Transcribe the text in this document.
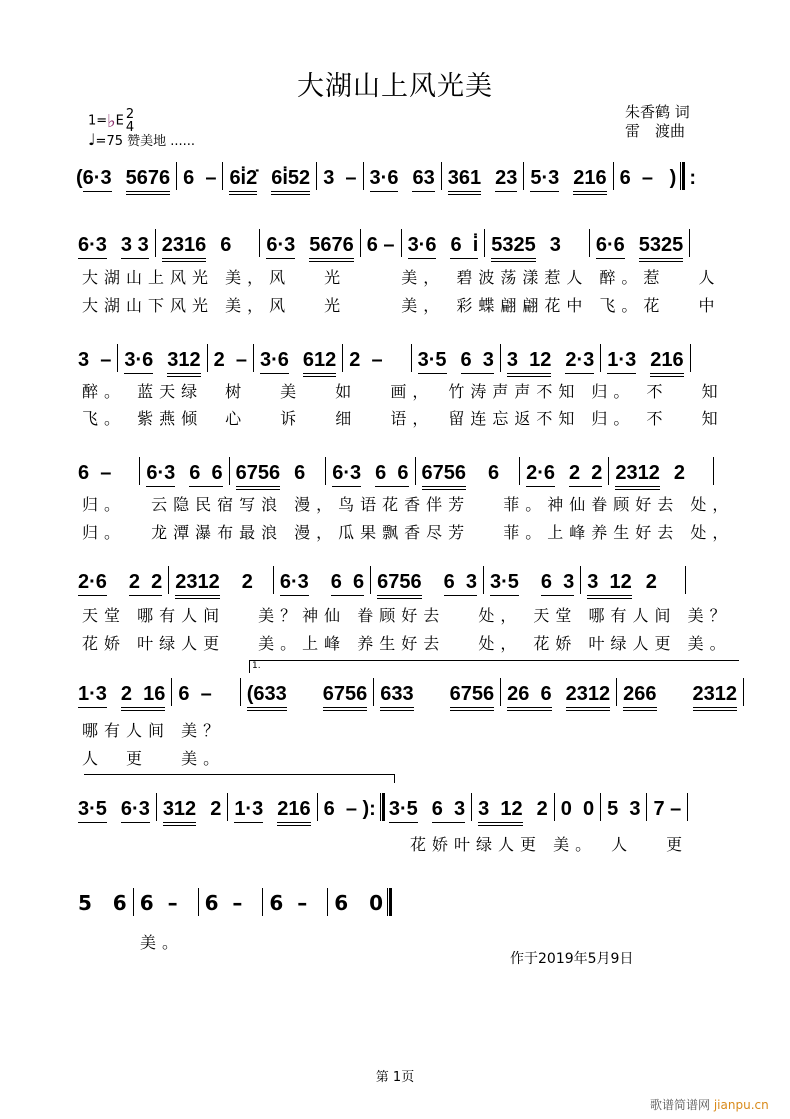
大湖山上风光美
1=♭E 2
4
♩=75 赞美地 ......
朱香鹤 词
雷　渡曲
(6·3 5676 6  – 6i̇2̇ 6i̇52 3  – 3·6 63 361 23 5·3 216 6  –   ) :
6·3 3 3 2316 6 6·3 5676 6 – 3·6 6  i̇ 5325 3 6·6 5325
大湖山上风光 美，风　 光　　 美， 碧波荡漾惹人 醉。惹　 人
大湖山下风光 美，风　 光　　 美， 彩蝶翩翩花中 飞。花　 中
3  – 3·6 312 2  – 3·6 612 2  – 3·5 6  3 3  12 2·3 1·3 216
醉。 蓝天绿　树　 美　 如　 画，　竹涛声声不知 归。 不　 知
飞。 紫燕倾　心　 诉　 细　 语，　留连忘返不知 归。 不　 知
6  – 6·3 6  6 6756 6 6·3 6  6 6756 6 2·6 2  2 2312 2
归。　 云隐民宿写浪 漫，鸟语花香伴芳　 菲。神仙眷顾好去 处，
归。　 龙潭瀑布最浪 漫，瓜果飘香尽芳　 菲。上峰养生好去 处，
2·6 2  2 2312 2 6·3 6  6 6756 6  3 3·5 6  3 3  12 2
天堂 哪有人间　 美？神仙 眷顾好去　 处， 天堂 哪有人间 美？
花娇 叶绿人更　 美。上峰 养生好去　 处， 花娇 叶绿人更 美。
1.
1·3 2  16 6  – (633 6756 633 6756 26  6 2312 266 2312
哪有人间 美？
人　更　 美。
3·5 6·3 312 2 1·3 216 6  – ): 3·5 6  3 3  12 2 0  0 5  3 7 –
花娇叶绿人更 美。　人　 更
5   6 6  – 6  – 6  – 6   0
美。
作于2019年5月9日
第 1页
歌谱简谱网 jianpu.cn
